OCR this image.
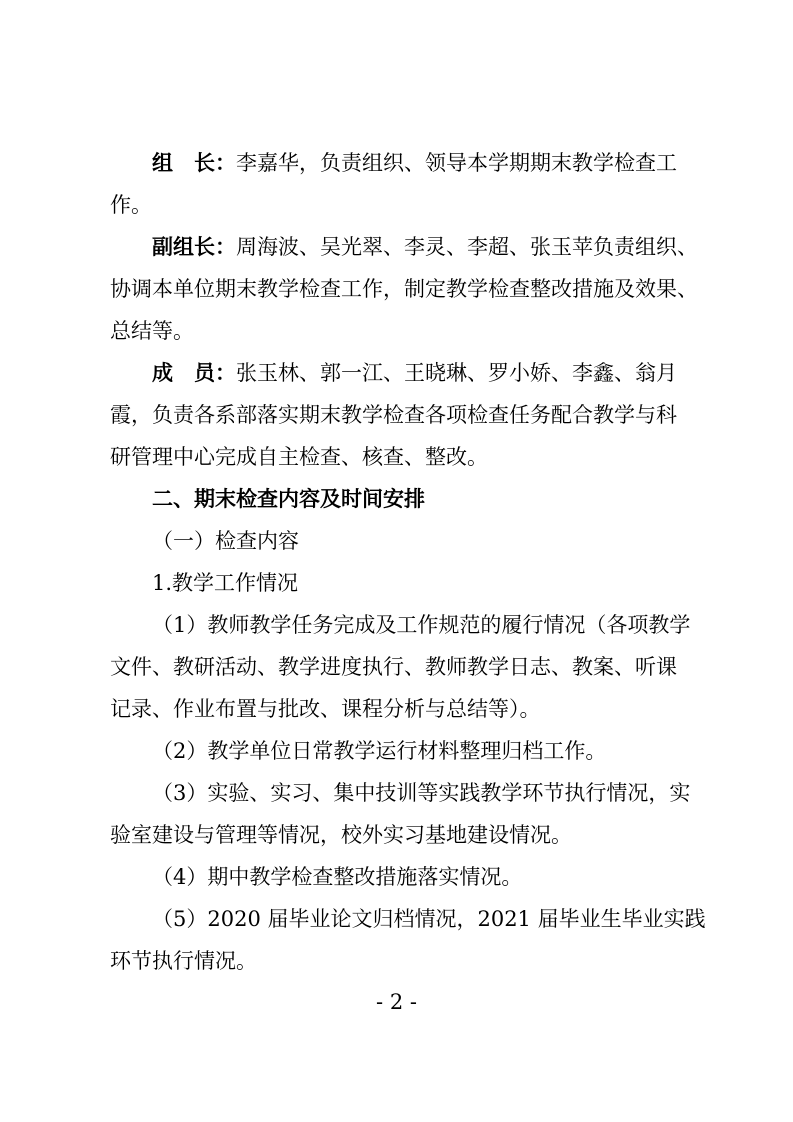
组　长：李嘉华，负责组织、领导本学期期末教学检查工
作。
副组长：周海波、吴光翠、李灵、李超、张玉苹负责组织、
协调本单位期末教学检查工作，制定教学检查整改措施及效果、
总结等。
成　员：张玉林、郭一江、王晓琳、罗小娇、李鑫、翁月
霞，负责各系部落实期末教学检查各项检查任务配合教学与科
研管理中心完成自主检查、核查、整改。
二、期末检查内容及时间安排
（一）检查内容
1.教学工作情况
（1）教师教学任务完成及工作规范的履行情况（各项教学
文件、教研活动、教学进度执行、教师教学日志、教案、听课
记录、作业布置与批改、课程分析与总结等）。
（2）教学单位日常教学运行材料整理归档工作。
（3）实验、实习、集中技训等实践教学环节执行情况，实
验室建设与管理等情况，校外实习基地建设情况。
（4）期中教学检查整改措施落实情况。
（5）2020 届毕业论文归档情况，2021 届毕业生毕业实践
环节执行情况。
- 2 -
